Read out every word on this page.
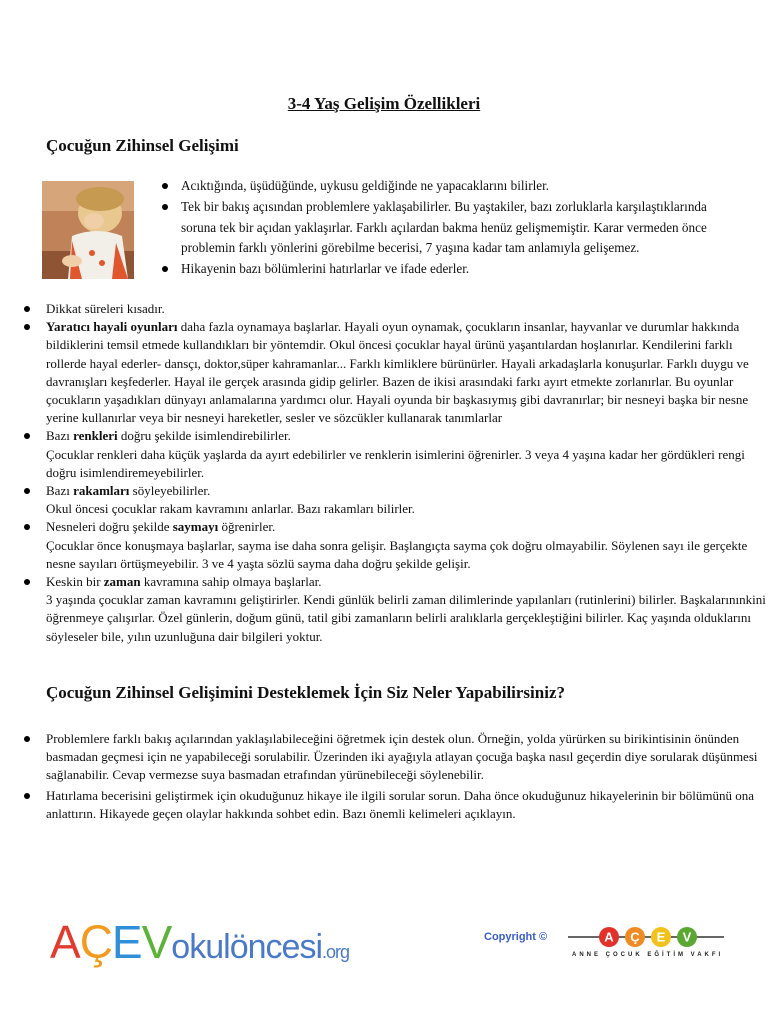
3-4 Yaş Gelişim Özellikleri
Çocuğun Zihinsel Gelişimi
Acıktığında, üşüdüğünde, uykusu geldiğinde ne yapacaklarını bilirler.
Tek bir bakış açısından problemlere yaklaşabilirler. Bu yaştakiler, bazı zorluklarla karşılaştıklarında soruna tek bir açıdan yaklaşırlar. Farklı açılardan bakma henüz gelişmemiştir. Karar vermeden önce problemin farklı yönlerini görebilme becerisi, 7 yaşına kadar tam anlamıyla gelişemez.
Hikayenin bazı bölümlerini hatırlarlar ve ifade ederler.
Dikkat süreleri kısadır.
Yaratıcı hayali oyunları daha fazla oynamaya başlarlar. Hayali oyun oynamak, çocukların insanlar, hayvanlar ve durumlar hakkında bildiklerini temsil etmede kullandıkları bir yöntemdir. Okul öncesi çocuklar hayal ürünü yaşantılardan hoşlanırlar. Kendilerini farklı rollerde hayal ederler- dansçı, doktor,süper kahramanlar... Farklı kimliklere bürünürler. Hayali arkadaşlarla konuşurlar. Farklı duygu ve davranışları keşfederler. Hayal ile gerçek arasında gidip gelirler. Bazen de ikisi arasındaki farkı ayırt etmekte zorlanırlar. Bu oyunlar çocukların yaşadıkları dünyayı anlamalarına yardımcı olur. Hayali oyunda bir başkasıymış gibi davranırlar; bir nesneyi başka bir nesne yerine kullanırlar veya bir nesneyi hareketler, sesler ve sözcükler kullanarak tanımlarlar
Bazı renkleri doğru şekilde isimlendirebilirler.
Çocuklar renkleri daha küçük yaşlarda da ayırt edebilirler ve renklerin isimlerini öğrenirler. 3 veya 4 yaşına kadar her gördükleri rengi doğru isimlendiremeyebilirler.
Bazı rakamları söyleyebilirler.
Okul öncesi çocuklar rakam kavramını anlarlar. Bazı rakamları bilirler.
Nesneleri doğru şekilde saymayı öğrenirler.
Çocuklar önce konuşmaya başlarlar, sayma ise daha sonra gelişir. Başlangıçta sayma çok doğru olmayabilir. Söylenen sayı ile gerçekte nesne sayıları örtüşmeyebilir. 3 ve 4 yaşta sözlü sayma daha doğru şekilde gelişir.
Keskin bir zaman kavramına sahip olmaya başlarlar.
3 yaşında çocuklar zaman kavramını geliştirirler. Kendi günlük belirli zaman dilimlerinde yapılanları (rutinlerini) bilirler. Başkalarınınkini öğrenmeye çalışırlar. Özel günlerin, doğum günü, tatil gibi zamanların belirli aralıklarla gerçekleştiğini bilirler. Kaç yaşında olduklarını söyleseler bile, yılın uzunluğuna dair bilgileri yoktur.
Çocuğun Zihinsel Gelişimini Desteklemek İçin Siz Neler Yapabilirsiniz?
Problemlere farklı bakış açılarından yaklaşılabileceğini öğretmek için destek olun. Örneğin, yolda yürürken su birikintisinin önünden basmadan geçmesi için ne yapabileceği sorulabilir. Üzerinden iki ayağıyla atlayan çocuğa başka nasıl geçerdin diye sorularak düşünmesi sağlanabilir. Cevap vermezse suya basmadan etrafından yürünebileceği söylenebilir.
Hatırlama becerisini geliştirmek için okuduğunuz hikaye ile ilgili sorular sorun. Daha önce okuduğunuz hikayelerinin bir bölümünü ona anlattırın. Hikayede geçen olaylar hakkında sohbet edin. Bazı önemli kelimeleri açıklayın.
AÇEVokulöncesi.org
Copyright ©	A Ç E V
ANNE ÇOCUK EĞİTİM VAKFI
